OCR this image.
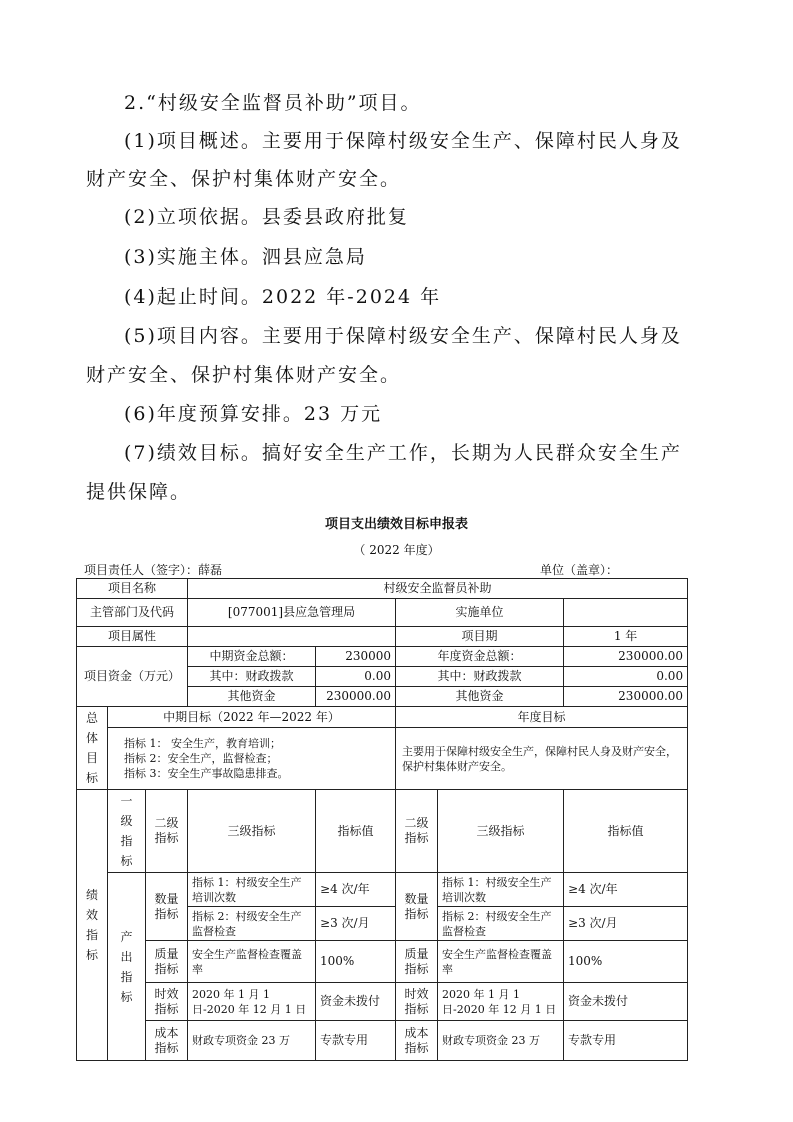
2.“村级安全监督员补助”项目。
(1)项目概述。主要用于保障村级安全生产、保障村民人身及
财产安全、保护村集体财产安全。
(2)立项依据。县委县政府批复
(3)实施主体。泗县应急局
(4)起止时间。2022 年-2024 年
(5)项目内容。主要用于保障村级安全生产、保障村民人身及
财产安全、保护村集体财产安全。
(6)年度预算安排。23 万元
(7)绩效目标。搞好安全生产工作，长期为人民群众安全生产
提供保障。
项目支出绩效目标申报表
（ 2022 年度）
项目责任人（签字）：薛磊	单位（盖章）：
项目名称			村级安全监督员补助				
主管部门及代码			[077001]县应急管理局		实施单位		
项目属性					项目期		1 年
项目资金（万元）			中期资金总额：	230000	年度资金总额：		230000.00
			其中：财政拨款	0.00	其中：财政拨款		0.00
			其他资金	230000.00	其他资金		230000.00

总体目标	中期目标（2022 年—2022 年）				年度目标		

	指标 1： 安全生产，教育培训；
指标 2：安全生产，监督检查；
指标 3：安全生产事故隐患排查。				主要用于保障村级安全生产，保障村民人身及财产安全，保护村集体财产安全。		

绩效指标	一级指标	二级指标	三级指标	指标值	二级指标	三级指标	指标值

	产出指标	数量指标	指标 1：村级安全生产培训次数	≥4 次/年	数量指标	指标 1：村级安全生产培训次数	≥4 次/年
			指标 2：村级安全生产监督检查	≥3 次/月		指标 2：村级安全生产监督检查	≥3 次/月
		质量指标	安全生产监督检查覆盖率	100%	质量指标	安全生产监督检查覆盖率	100%
		时效指标	2020 年 1 月 1 日-2020 年 12 月 1 日	资金未拨付	时效指标	2020 年 1 月 1 日-2020 年 12 月 1 日	资金未拨付
		成本指标	财政专项资金 23 万	专款专用	成本指标	财政专项资金 23 万	专款专用
